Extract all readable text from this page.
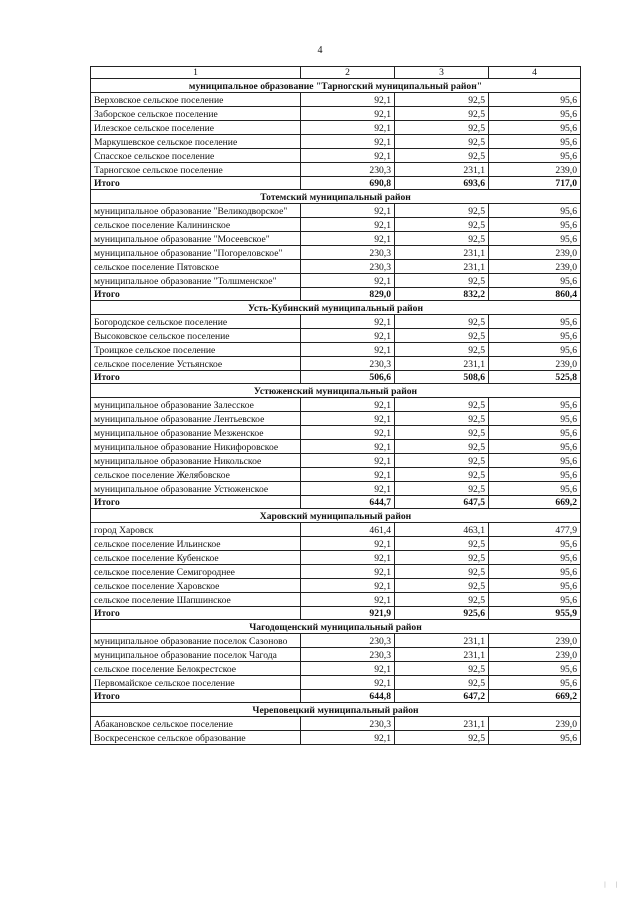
4
1	2	3	4
муниципальное образование "Тарногский муниципальный район"			
Верховское сельское поселение	92,1	92,5	95,6
Заборское сельское поселение	92,1	92,5	95,6
Илезское сельское поселение	92,1	92,5	95,6
Маркушевское сельское поселение	92,1	92,5	95,6
Спасское сельское поселение	92,1	92,5	95,6
Тарногское сельское поселение	230,3	231,1	239,0
Итого	690,8	693,6	717,0
Тотемский муниципальный район			
муниципальное образование "Великодворское"	92,1	92,5	95,6
сельское поселение Калининское	92,1	92,5	95,6
муниципальное образование "Мосеевское"	92,1	92,5	95,6
муниципальное образование "Погореловское"	230,3	231,1	239,0
сельское поселение Пятовское	230,3	231,1	239,0
муниципальное образование "Толшменское"	92,1	92,5	95,6
Итого	829,0	832,2	860,4
Усть-Кубинский муниципальный район			
Богородское сельское поселение	92,1	92,5	95,6
Высоковское сельское поселение	92,1	92,5	95,6
Троицкое сельское поселение	92,1	92,5	95,6
сельское поселение Устьянское	230,3	231,1	239,0
Итого	506,6	508,6	525,8
Устюженский муниципальный район			
муниципальное образование Залесское	92,1	92,5	95,6
муниципальное образование Лентьевское	92,1	92,5	95,6
муниципальное образование Мезженское	92,1	92,5	95,6
муниципальное образование Никифоровское	92,1	92,5	95,6
муниципальное образование Никольское	92,1	92,5	95,6
сельское поселение Желябовское	92,1	92,5	95,6
муниципальное образование Устюженское	92,1	92,5	95,6
Итого	644,7	647,5	669,2
Харовский муниципальный район			
город Харовск	461,4	463,1	477,9
сельское поселение Ильинское	92,1	92,5	95,6
сельское поселение Кубенское	92,1	92,5	95,6
сельское поселение Семигороднее	92,1	92,5	95,6
сельское поселение Харовское	92,1	92,5	95,6
сельское поселение Шапшинское	92,1	92,5	95,6
Итого	921,9	925,6	955,9
Чагодощенский муниципальный район			
муниципальное образование поселок Сазоново	230,3	231,1	239,0
муниципальное образование поселок Чагода	230,3	231,1	239,0
сельское поселение Белокрестское	92,1	92,5	95,6
Первомайское сельское поселение	92,1	92,5	95,6
Итого	644,8	647,2	669,2
Череповецкий муниципальный район			
Абакановское сельское поселение	230,3	231,1	239,0
Воскресенское сельское образование	92,1	92,5	95,6
ᛁ ᛁ
